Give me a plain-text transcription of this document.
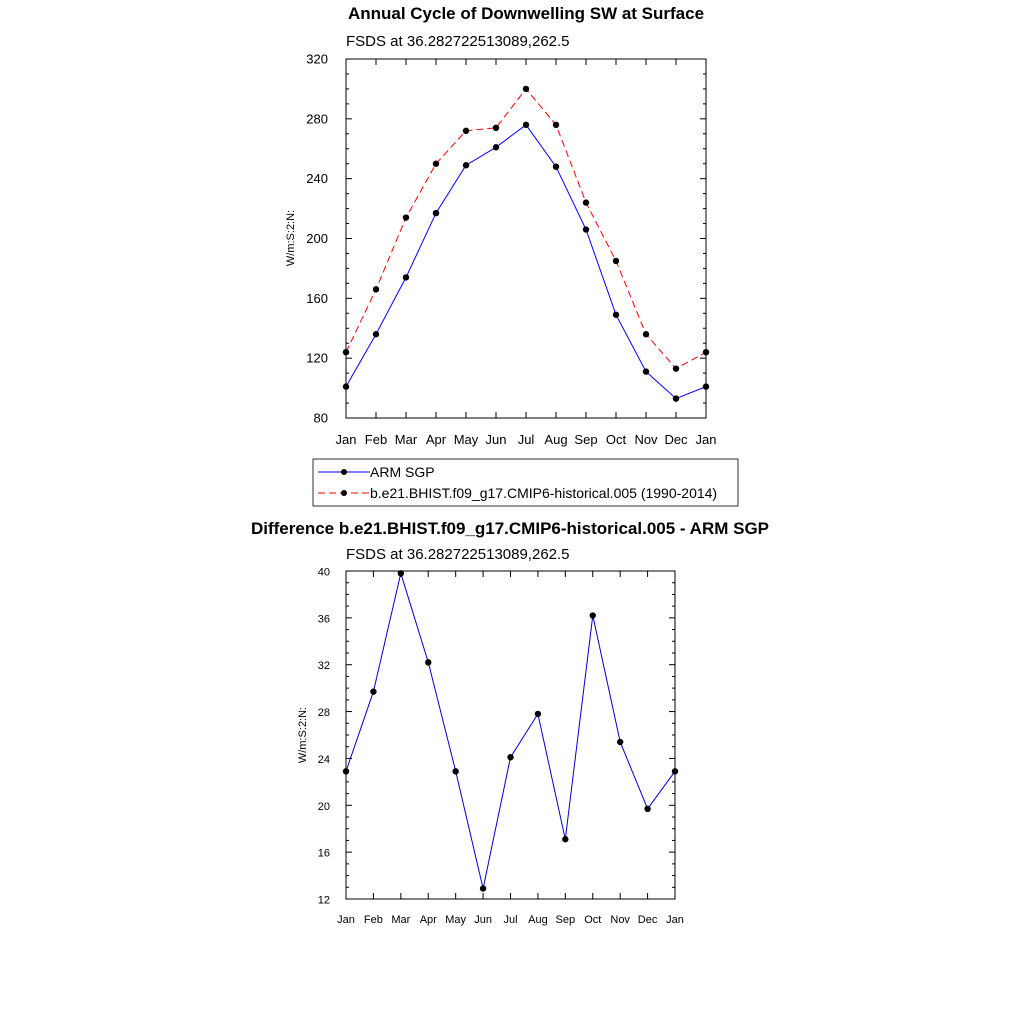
Annual Cycle of Downwelling SW at Surface
FSDS at 36.282722513089,262.5
W/m:S:2:N:
Jan Feb Mar Apr May Jun Jul Aug Sep Oct Nov Dec Jan
80
120
160
200
240
280
320
ARM SGP
b.e21.BHIST.f09_g17.CMIP6-historical.005 (1990-2014)
Difference b.e21.BHIST.f09_g17.CMIP6-historical.005 - ARM SGP
FSDS at 36.282722513089,262.5
W/m:S:2:N:
Jan Feb Mar Apr May Jun Jul Aug Sep Oct Nov Dec Jan
12
16
20
24
28
32
36
40
